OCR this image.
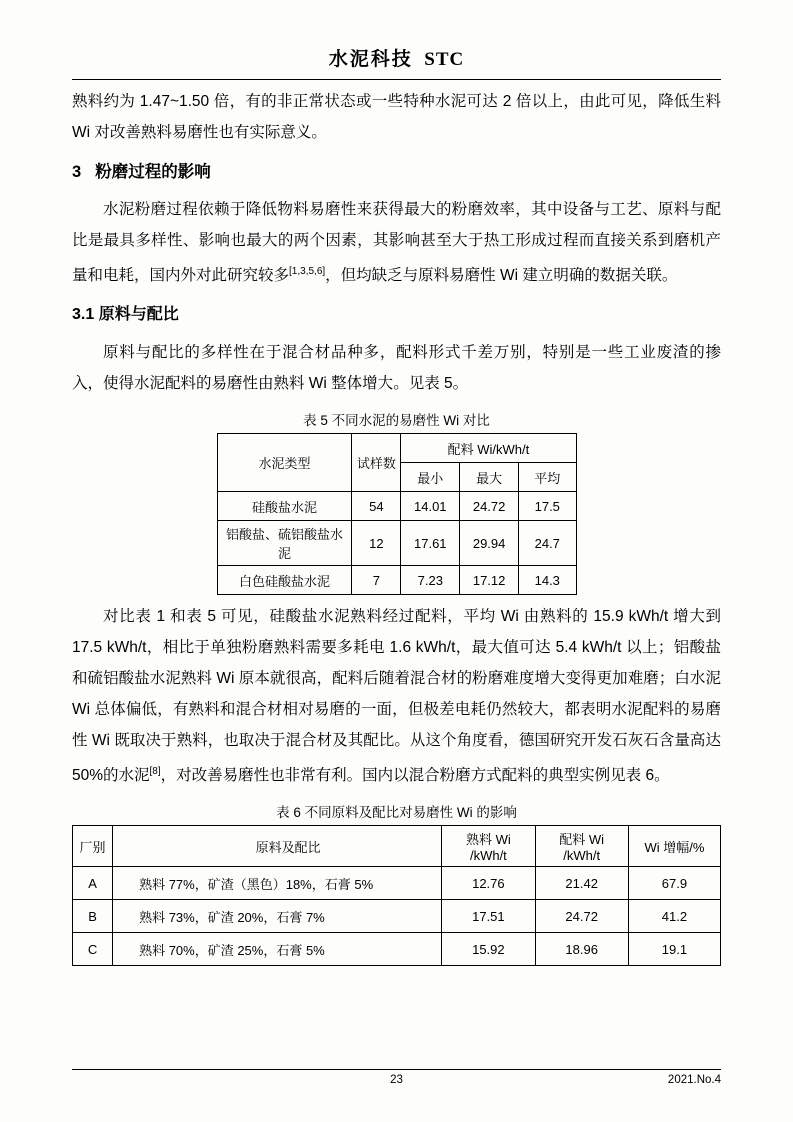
水泥科技 STC

熟料约为 1.47~1.50 倍，有的非正常状态或一些特种水泥可达 2 倍以上，由此可见，降低生料 Wi 对改善熟料易磨性也有实际意义。

3 粉磨过程的影响

水泥粉磨过程依赖于降低物料易磨性来获得最大的粉磨效率，其中设备与工艺、原料与配比是最具多样性、影响也最大的两个因素，其影响甚至大于热工形成过程而直接关系到磨机产量和电耗，国内外对此研究较多[1,3,5,6]，但均缺乏与原料易磨性 Wi 建立明确的数据关联。

3.1 原料与配比

原料与配比的多样性在于混合材品种多，配料形式千差万别，特别是一些工业废渣的掺入，使得水泥配料的易磨性由熟料 Wi 整体增大。见表 5。

表 5 不同水泥的易磨性 Wi 对比
水泥类型	试样数	配料 Wi/kWh/t		
		最小	最大	平均
硅酸盐水泥	54	14.01	24.72	17.5
铝酸盐、硫铝酸盐水泥	12	17.61	29.94	24.7
白色硅酸盐水泥	7	7.23	17.12	14.3

对比表 1 和表 5 可见，硅酸盐水泥熟料经过配料，平均 Wi 由熟料的 15.9 kWh/t 增大到 17.5 kWh/t，相比于单独粉磨熟料需要多耗电 1.6 kWh/t，最大值可达 5.4 kWh/t 以上；铝酸盐和硫铝酸盐水泥熟料 Wi 原本就很高，配料后随着混合材的粉磨难度增大变得更加难磨；白水泥 Wi 总体偏低，有熟料和混合材相对易磨的一面，但极差电耗仍然较大，都表明水泥配料的易磨性 Wi 既取决于熟料，也取决于混合材及其配比。从这个角度看，德国研究开发石灰石含量高达 50%的水泥[8]，对改善易磨性也非常有利。国内以混合粉磨方式配料的典型实例见表 6。

表 6 不同原料及配比对易磨性 Wi 的影响
厂别	原料及配比	熟料 Wi /kWh/t	配料 Wi /kWh/t	Wi 增幅/%
A	熟料 77%，矿渣（黑色）18%，石膏 5%	12.76	21.42	67.9
B	熟料 73%，矿渣 20%，石膏 7%	17.51	24.72	41.2
C	熟料 70%，矿渣 25%，石膏 5%	15.92	18.96	19.1
23	2021.No.4
